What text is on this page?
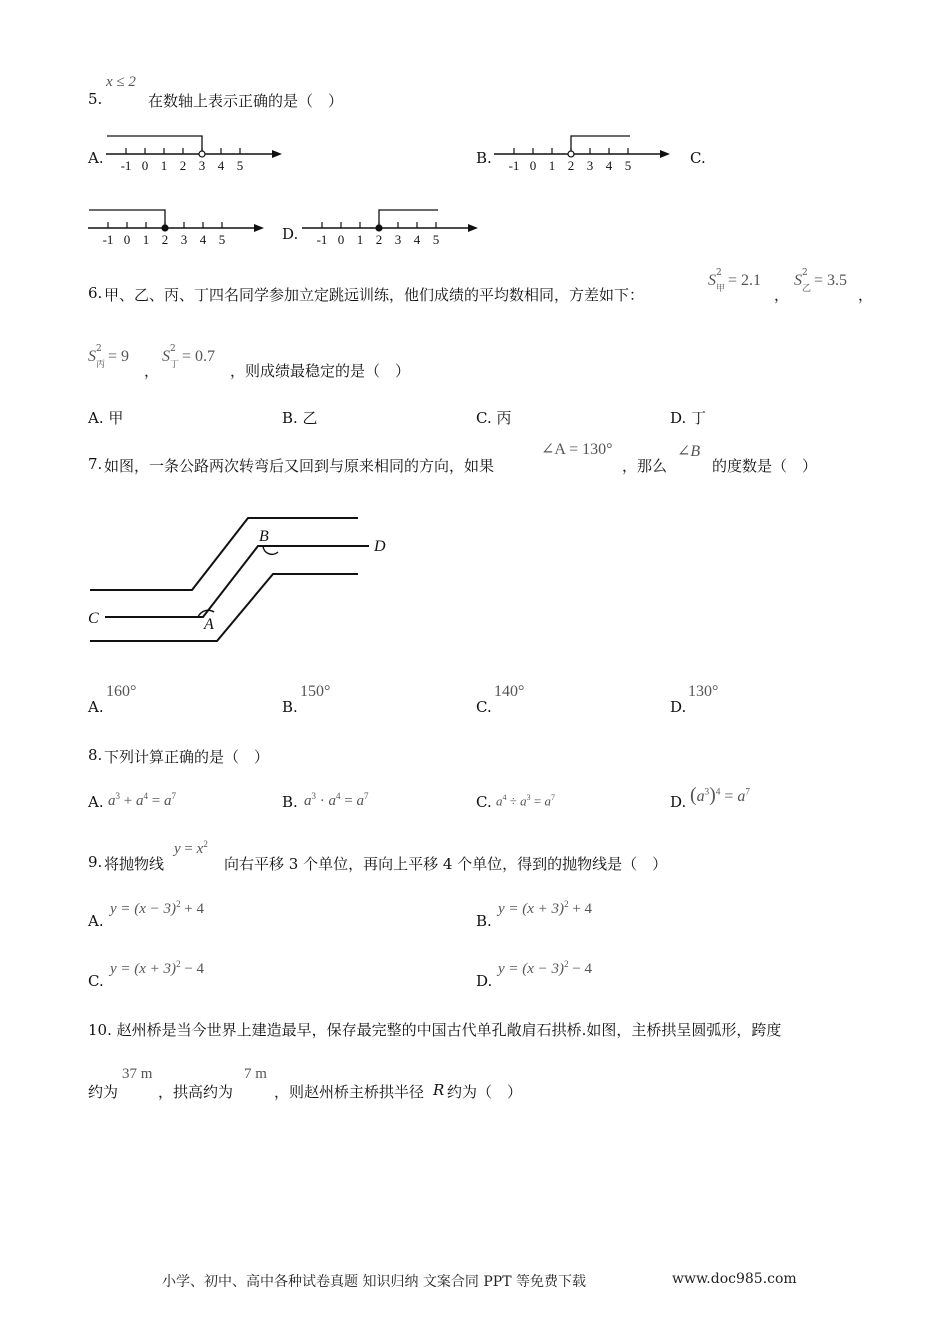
5.
x ≤ 2
在数轴上表示正确的是（　）
A. -1 0 1 2 3 4 5	B. -1 0 1 2 3 4 5	C.
-1 0 1 2 3 4 5	D. -1 0 1 2 3 4 5
6. 甲、乙、丙、丁四名同学参加立定跳远训练，他们成绩的平均数相同，方差如下：
S 2
甲 = 2.1
，
S 2
乙 = 3.5
，
S 2
丙 = 9
，
S 2
丁 = 0.7
，则成绩最稳定的是（　）
A. 甲	B. 乙	C. 丙	D. 丁
7. 如图，一条公路两次转弯后又回到与原来相同的方向，如果
∠A = 130°
，那么
∠B
的度数是（　）
B
D
C	A
A.
160°
B.
150°
C.
140°
D.
130°
8. 下列计算正确的是（　）
A. $a^3 + a^4 = a^7$	B. $a^3 \cdot a^4 = a^7$	C. $a^4 \div a^3 = a^7$	D. $(a^3)^4 = a^7$
9. 将抛物线
$y = x^2$
向右平移 3 个单位，再向上平移 4 个单位，得到的抛物线是（　）
A.
$y = (x - 3)^2 + 4$
B.
$y = (x + 3)^2 + 4$
C.
$y = (x + 3)^2 - 4$
D.
$y = (x - 3)^2 - 4$
10. 赵州桥是当今世界上建造最早，保存最完整的中国古代单孔敞肩石拱桥.如图，主桥拱呈圆弧形，跨度
约为
37 m
，拱高约为
7 m
，则赵州桥主桥拱半径 R 约为（　）
小学、初中、高中各种试卷真题 知识归纳 文案合同 PPT 等免费下载	www.doc985.com
